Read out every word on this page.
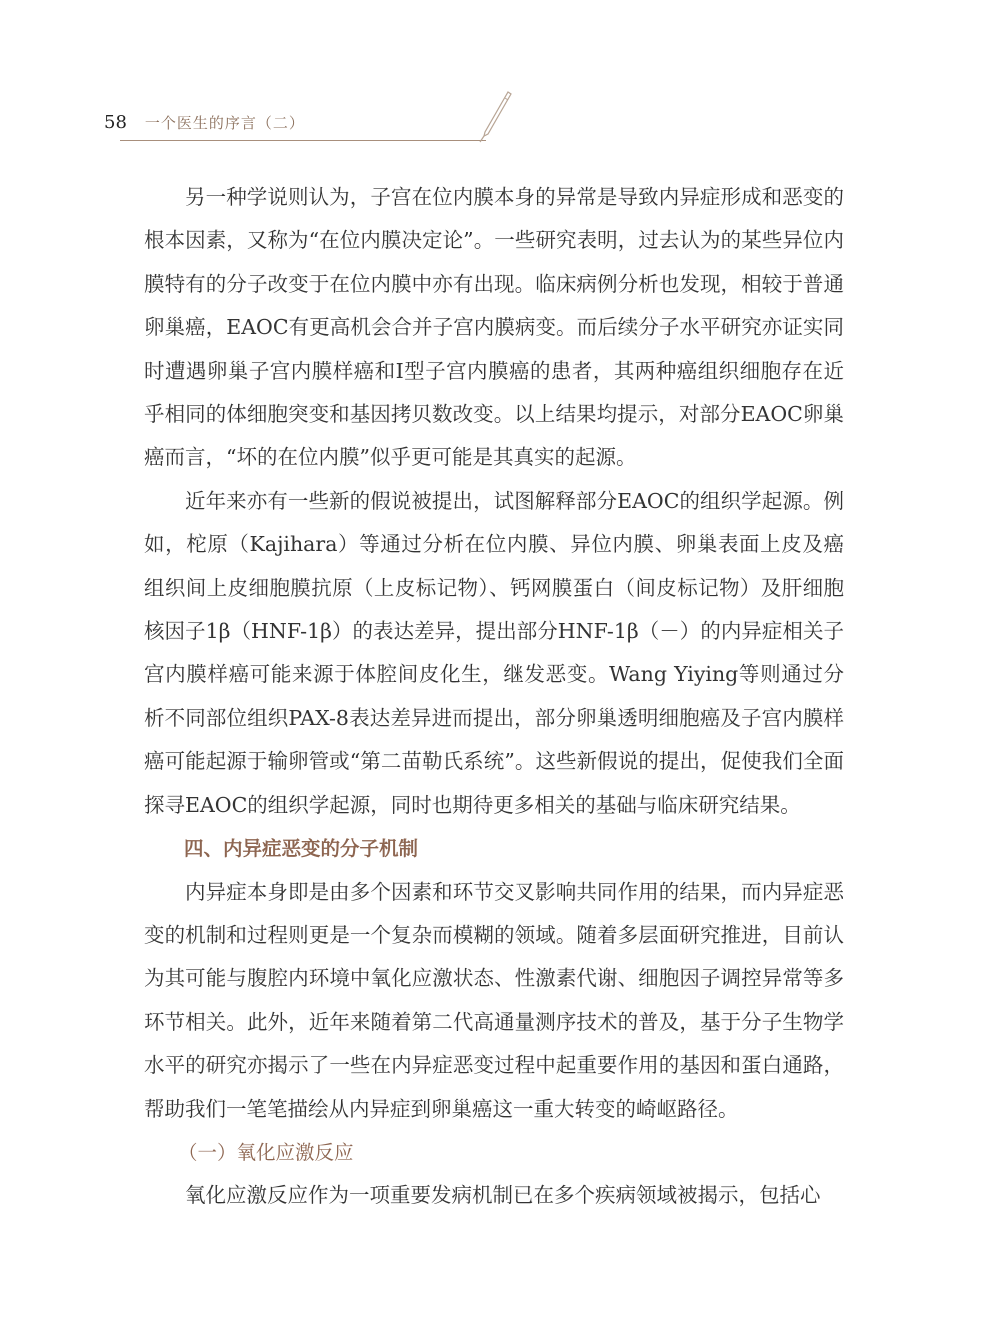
58 一个医生的序言（二）

另一种学说则认为，子宫在位内膜本身的异常是导致内异症形成和恶变的根本因素，又称为“在位内膜决定论”。一些研究表明，过去认为的某些异位内膜特有的分子改变于在位内膜中亦有出现。临床病例分析也发现，相较于普通卵巢癌，EAOC有更高机会合并子宫内膜病变。而后续分子水平研究亦证实同时遭遇卵巢子宫内膜样癌和Ⅰ型子宫内膜癌的患者，其两种癌组织细胞存在近乎相同的体细胞突变和基因拷贝数改变。以上结果均提示，对部分EAOC卵巢癌而言，“坏的在位内膜”似乎更可能是其真实的起源。

近年来亦有一些新的假说被提出，试图解释部分EAOC的组织学起源。例如，柁原（Kajihara）等通过分析在位内膜、异位内膜、卵巢表面上皮及癌组织间上皮细胞膜抗原（上皮标记物）、钙网膜蛋白（间皮标记物）及肝细胞核因子1β（HNF-1β）的表达差异，提出部分HNF-1β（－）的内异症相关子宫内膜样癌可能来源于体腔间皮化生，继发恶变。Wang Yiying等则通过分析不同部位组织PAX-8表达差异进而提出，部分卵巢透明细胞癌及子宫内膜样癌可能起源于输卵管或“第二苗勒氏系统”。这些新假说的提出，促使我们全面探寻EAOC的组织学起源，同时也期待更多相关的基础与临床研究结果。

四、内异症恶变的分子机制

内异症本身即是由多个因素和环节交叉影响共同作用的结果，而内异症恶变的机制和过程则更是一个复杂而模糊的领域。随着多层面研究推进，目前认为其可能与腹腔内环境中氧化应激状态、性激素代谢、细胞因子调控异常等多环节相关。此外，近年来随着第二代高通量测序技术的普及，基于分子生物学水平的研究亦揭示了一些在内异症恶变过程中起重要作用的基因和蛋白通路，帮助我们一笔笔描绘从内异症到卵巢癌这一重大转变的崎岖路径。

（一）氧化应激反应

氧化应激反应作为一项重要发病机制已在多个疾病领域被揭示，包括心
